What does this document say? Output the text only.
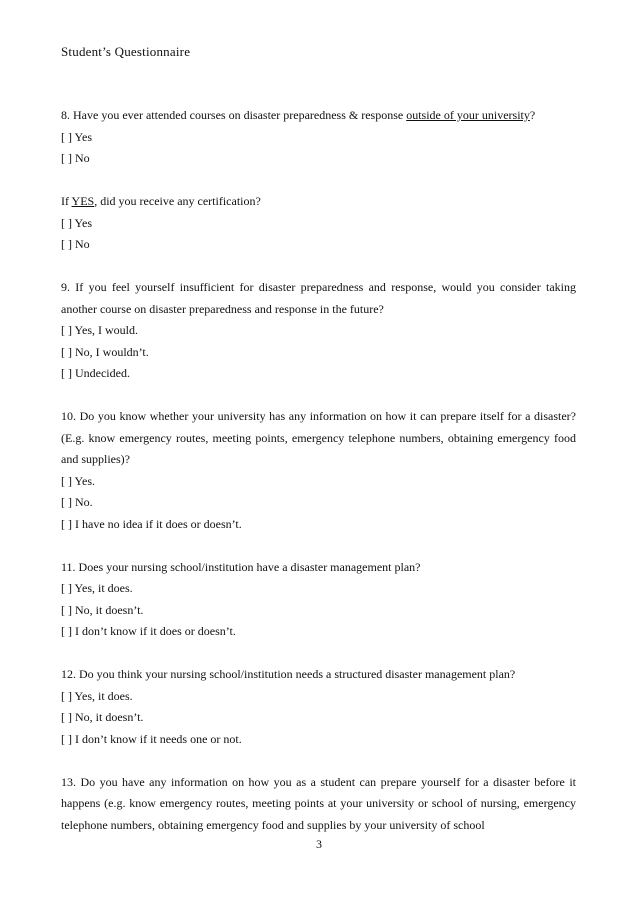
Student’s Questionnaire
8. Have you ever attended courses on disaster preparedness & response outside of your university?
[ ] Yes
[ ] No
If YES, did you receive any certification?
[ ] Yes
[ ] No
9. If you feel yourself insufficient for disaster preparedness and response, would you consider taking another course on disaster preparedness and response in the future?
[ ] Yes, I would.
[ ] No, I wouldn’t.
[ ] Undecided.
10. Do you know whether your university has any information on how it can prepare itself for a disaster? (E.g. know emergency routes, meeting points, emergency telephone numbers, obtaining emergency food and supplies)?
[ ] Yes.
[ ] No.
[ ] I have no idea if it does or doesn’t.
11. Does your nursing school/institution have a disaster management plan?
[ ] Yes, it does.
[ ] No, it doesn’t.
[ ] I don’t know if it does or doesn’t.
12. Do you think your nursing school/institution needs a structured disaster management plan?
[ ] Yes, it does.
[ ] No, it doesn’t.
[ ] I don’t know if it needs one or not.
13. Do you have any information on how you as a student can prepare yourself for a disaster before it happens (e.g. know emergency routes, meeting points at your university or school of nursing, emergency telephone numbers, obtaining emergency food and supplies by your university of school
3
